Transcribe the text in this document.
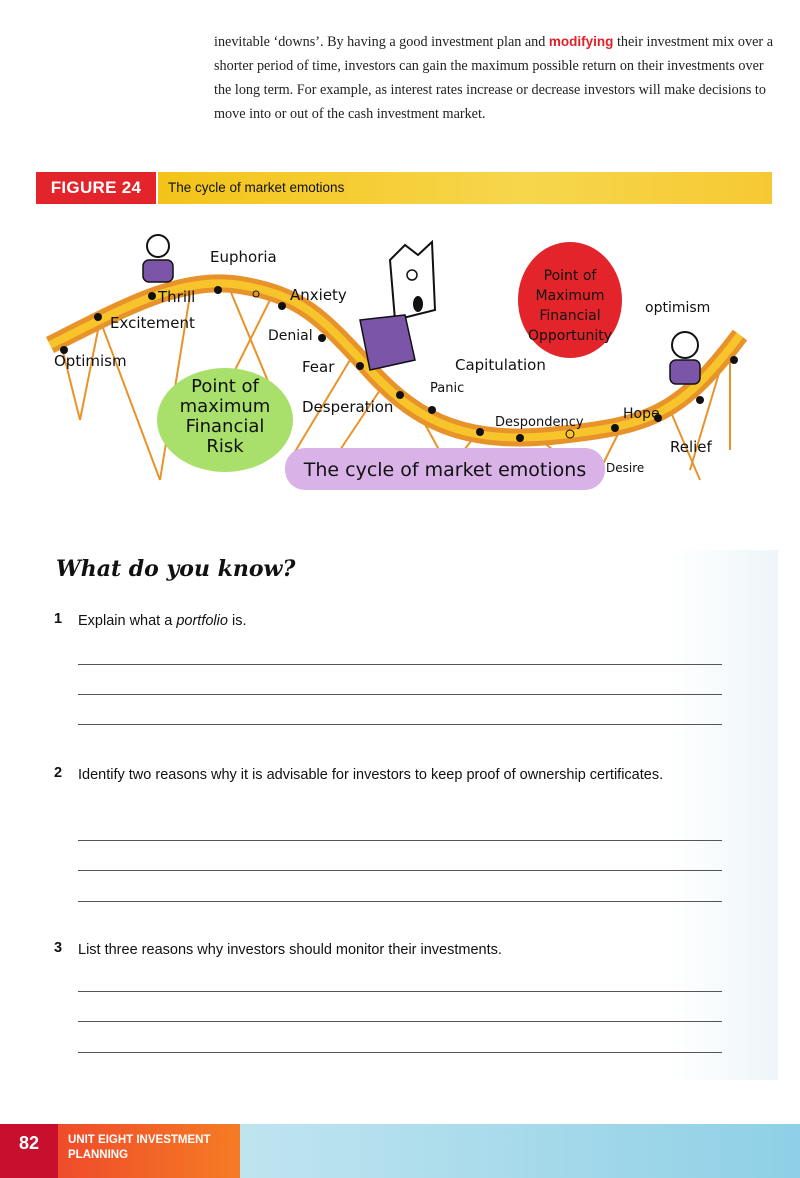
inevitable ‘downs’. By having a good investment plan and modifying their investment mix over a shorter period of time, investors can gain the maximum possible return on their investments over the long term. For example, as interest rates increase or decrease investors will make decisions to move into or out of the cash investment market.
FIGURE 24	The cycle of market emotions
Euphoria
Thrill	Anxiety
Excitement
Denial
Optimism	Fear	Capitulation
Panic
Desperation
Despondency
Hope
Relief
Desire
optimism
Point of
maximum
Financial
Risk
Point of
Maximum
Financial
Opportunity
The cycle of market emotions
What do you know?
1 Explain what a portfolio is.
2 Identify two reasons why it is advisable for investors to keep proof of ownership certificates.
3 List three reasons why investors should monitor their investments.
82	UNIT EIGHT INVESTMENT PLANNING
